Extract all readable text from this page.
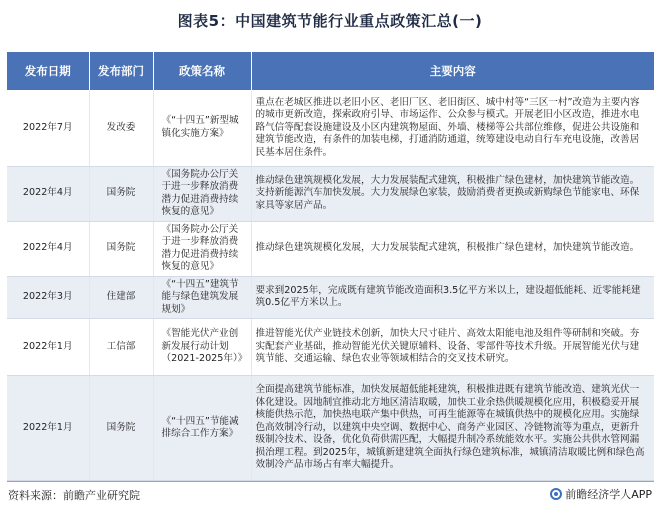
图表5：中国建筑节能行业重点政策汇总(一)
发布日期	发布部门	政策名称	主要内容
2022年7月	发改委	《“十四五”新型城镇化实施方案》	重点在老城区推进以老旧小区、老旧厂区、老旧街区、城中村等“三区一村”改造为主要内容的城市更新改造，探索政府引导、市场运作、公众参与模式。开展老旧小区改造，推进水电路气信等配套设施建设及小区内建筑物屋面、外墙、楼梯等公共部位维修，促进公共设施和建筑节能改造，有条件的加装电梯，打通消防通道，统筹建设电动自行车充电设施，改善居民基本居住条件。
2022年4月	国务院	《国务院办公厅关于进一步释放消费潜力促进消费持续恢复的意见》	推动绿色建筑规模化发展，大力发展装配式建筑，积极推广绿色建材，加快建筑节能改造。支持新能源汽车加快发展。大力发展绿色家装，鼓励消费者更换或新购绿色节能家电、环保家具等家居产品。
2022年4月	国务院	《国务院办公厅关于进一步释放消费潜力促进消费持续恢复的意见》	推动绿色建筑规模化发展，大力发展装配式建筑，积极推广绿色建材，加快建筑节能改造。
2022年3月	住建部	《“十四五”建筑节能与绿色建筑发展规划》	要求到2025年，完成既有建筑节能改造面积3.5亿平方米以上，建设超低能耗、近零能耗建筑0.5亿平方米以上。
2022年1月	工信部	《智能光伏产业创新发展行动计划（2021-2025年）》	推进智能光伏产业链技术创新，加快大尺寸硅片、高效太阳能电池及组件等研制和突破。夯实配套产业基础，推动智能光伏关键原辅料、设备、零部件等技术升级。开展智能光伏与建筑节能、交通运输、绿色农业等领域相结合的交叉技术研究。
2022年1月	国务院	《“十四五”节能减排综合工作方案》	全面提高建筑节能标准，加快发展超低能耗建筑，积极推进既有建筑节能改造、建筑光伏一体化建设。因地制宜推动北方地区清洁取暖，加快工业余热供暖规模化应用，积极稳妥开展核能供热示范，加快热电联产集中供热，可再生能源等在城镇供热中的规模化应用。实施绿色高效制冷行动，以建筑中央空调、数据中心、商务产业园区、冷链物流等为重点，更新升级制冷技术、设备，优化负荷供需匹配，大幅提升制冷系统能效水平。实施公共供水管网漏损治理工程。到2025年，城镇新建建筑全面执行绿色建筑标准，城镇清洁取暖比例和绿色高效制冷产品市场占有率大幅提升。
资料来源：前瞻产业研究院	前瞻经济学人APP
